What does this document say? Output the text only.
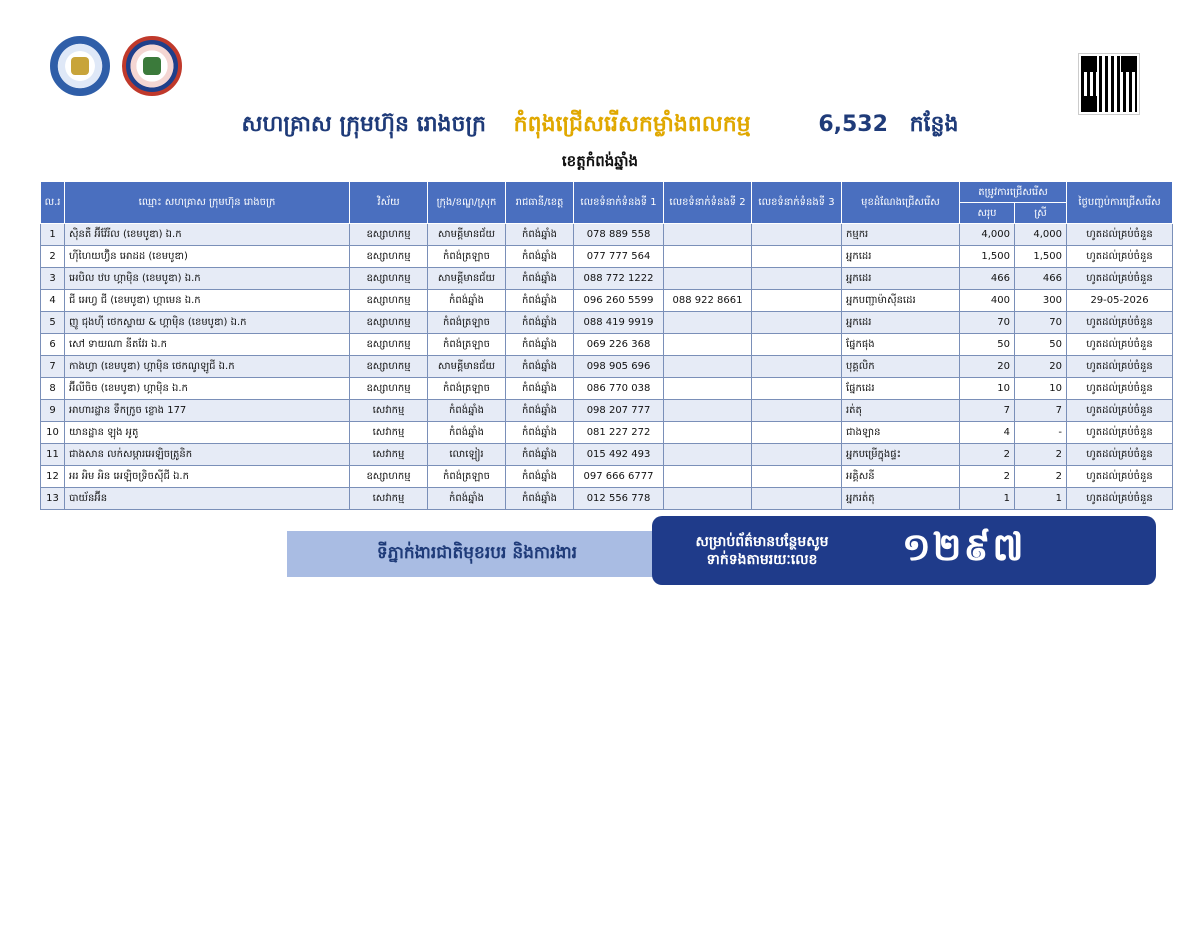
សហគ្រាស ក្រុមហ៊ុន រោងចក្រ កំពុងជ្រើសរើសកម្លាំងពលកម្ម	6,532 កន្លែង
ខេត្តកំពង់ឆ្នាំង
ល.រ	ឈ្មោះ សហគ្រាស ក្រុមហ៊ុន រោងចក្រ	វិស័យ	ក្រុង/ខណ្ឌ/ស្រុក	រាជធានី/ខេត្ត	លេខទំនាក់ទំនងទី 1	លេខទំនាក់ទំនងទី 2	លេខទំនាក់ទំនងទី 3	មុខដំណែងជ្រើសរើស	តម្រូវការជ្រើសរើស		ថ្ងៃបញ្ចប់ការជ្រើសរើស
									សរុប	ស្រី	
1	ស៊ិនតឺ អ៊ីវ៉ែរីល (ខេមបូឌា) ឯ.ក	ឧស្សាហកម្ម	សាមគ្គីមានជ័យ	កំពង់ឆ្នាំង	078 889 558			កម្មករ	4,000	4,000	ហូតដល់គ្រប់ចំនួន
2	ហ៊ីហៃយហ្វ៊ិន អោដដ (ខេមបូឌា)	ឧស្សាហកម្ម	កំពង់ត្រឡាច	កំពង់ឆ្នាំង	077 777 564			អ្នកដេរ	1,500	1,500	ហូតដល់គ្រប់ចំនួន
3	អេបិល ឋប ហ្គាម៉ិន (ខេមបូឌា) ឯ.ក	ឧស្សាហកម្ម	សាមគ្គីមានជ័យ	កំពង់ឆ្នាំង	088 772 1222			អ្នកដេរ	466	466	ហូតដល់គ្រប់ចំនួន
4	ជី អេហ្វ ជី (ខេមបូឌា) ហ្គាមេន ឯ.ក	ឧស្សាហកម្ម	កំពង់ឆ្នាំង	កំពង់ឆ្នាំង	096 260 5599	088 922 8661		អ្នកបញ្ជាម៉ាស៊ីនដេរ	400	300	29-05-2026
5	ញូ ជុងហ៊ី ថេកស្ទាយ & ហ្គាម៉ិន (ខេមបូឌា) ឯ.ក	ឧស្សាហកម្ម	កំពង់ត្រឡាច	កំពង់ឆ្នាំង	088 419 9919			អ្នកដេរ	70	70	ហូតដល់គ្រប់ចំនួន
6	សៅ ទាយណា នីតវែរ ឯ.ក	ឧស្សាហកម្ម	កំពង់ត្រឡាច	កំពង់ឆ្នាំង	069 226 368			ផ្នែកផុង	50	50	ហូតដល់គ្រប់ចំនួន
7	កាងហ្វា (ខេមបូឌា) ហ្គាម៉ិន ថេកណូឡូជី ឯ.ក	ឧស្សាហកម្ម	សាមគ្គីមានជ័យ	កំពង់ឆ្នាំង	098 905 696			បុគ្គលិក	20	20	ហូតដល់គ្រប់ចំនួន
8	អ៊ីលីចិច (ខេមបូឌា) ហ្គាម៉ិន ឯ.ក	ឧស្សាហកម្ម	កំពង់ត្រឡាច	កំពង់ឆ្នាំង	086 770 038			ផ្នែកដេរ	10	10	ហូតដល់គ្រប់ចំនួន
9	អាហារដ្ឋាន ទឹកក្រូច ខ្លោង 177	សេវាកម្ម	កំពង់ឆ្នាំង	កំពង់ឆ្នាំង	098 207 777			រត់តុ	7	7	ហូតដល់គ្រប់ចំនួន
10	យានដ្ឋាន ឡុង អូតូ	សេវាកម្ម	កំពង់ឆ្នាំង	កំពង់ឆ្នាំង	081 227 272			ជាងឡាន	4	-	ហូតដល់គ្រប់ចំនួន
11	ជាងសាន លក់សម្ភារអេឡិចត្រូនិក	សេវាកម្ម	លោឡៀរ	កំពង់ឆ្នាំង	015 492 493			អ្នកបម្រើក្នុងផ្ទះ	2	2	ហូតដល់គ្រប់ចំនួន
12	អរ អិម អិន អេឡិចទ្រិចស៊ីជី ឯ.ក	ឧស្សាហកម្ម	កំពង់ត្រឡាច	កំពង់ឆ្នាំង	097 666 6777			អគ្គិសនី	2	2	ហូតដល់គ្រប់ចំនួន
13	បាយ័នអ៊ីន	សេវាកម្ម	កំពង់ឆ្នាំង	កំពង់ឆ្នាំង	012 556 778			អ្នករត់តុ	1	1	ហូតដល់គ្រប់ចំនួន
ទីភ្នាក់ងារជាតិមុខរបរ និងការងារ
សម្រាប់ព័ត៌មានបន្ថែមសូម
ទាក់ទងតាមរយៈលេខ	១២៩៧
